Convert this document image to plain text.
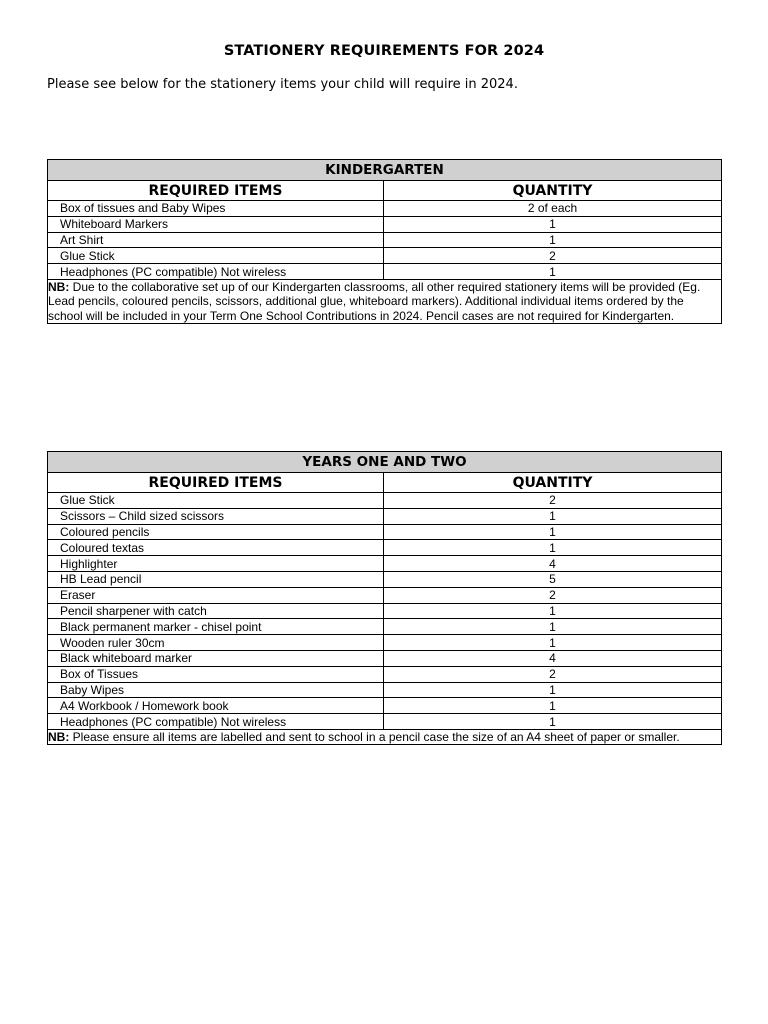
STATIONERY REQUIREMENTS FOR 2024
Please see below for the stationery items your child will require in 2024.
KINDERGARTEN	
REQUIRED ITEMS	QUANTITY
Box of tissues and Baby Wipes	2 of each
Whiteboard Markers	1
Art Shirt	1
Glue Stick	2
Headphones (PC compatible) Not wireless	1
NB: Due to the collaborative set up of our Kindergarten classrooms, all other required stationery items will be provided (Eg. Lead pencils, coloured pencils, scissors, additional glue, whiteboard markers). Additional individual items ordered by the school will be included in your Term One School Contributions in 2024. Pencil cases are not required for Kindergarten.	
YEARS ONE AND TWO	
REQUIRED ITEMS	QUANTITY
Glue Stick	2
Scissors – Child sized scissors	1
Coloured pencils	1
Coloured textas	1
Highlighter	4
HB Lead pencil	5
Eraser	2
Pencil sharpener with catch	1
Black permanent marker - chisel point	1
Wooden ruler 30cm	1
Black whiteboard marker	4
Box of Tissues	2
Baby Wipes	1
A4 Workbook / Homework book	1
Headphones (PC compatible) Not wireless	1
NB: Please ensure all items are labelled and sent to school in a pencil case the size of an A4 sheet of paper or smaller.	
